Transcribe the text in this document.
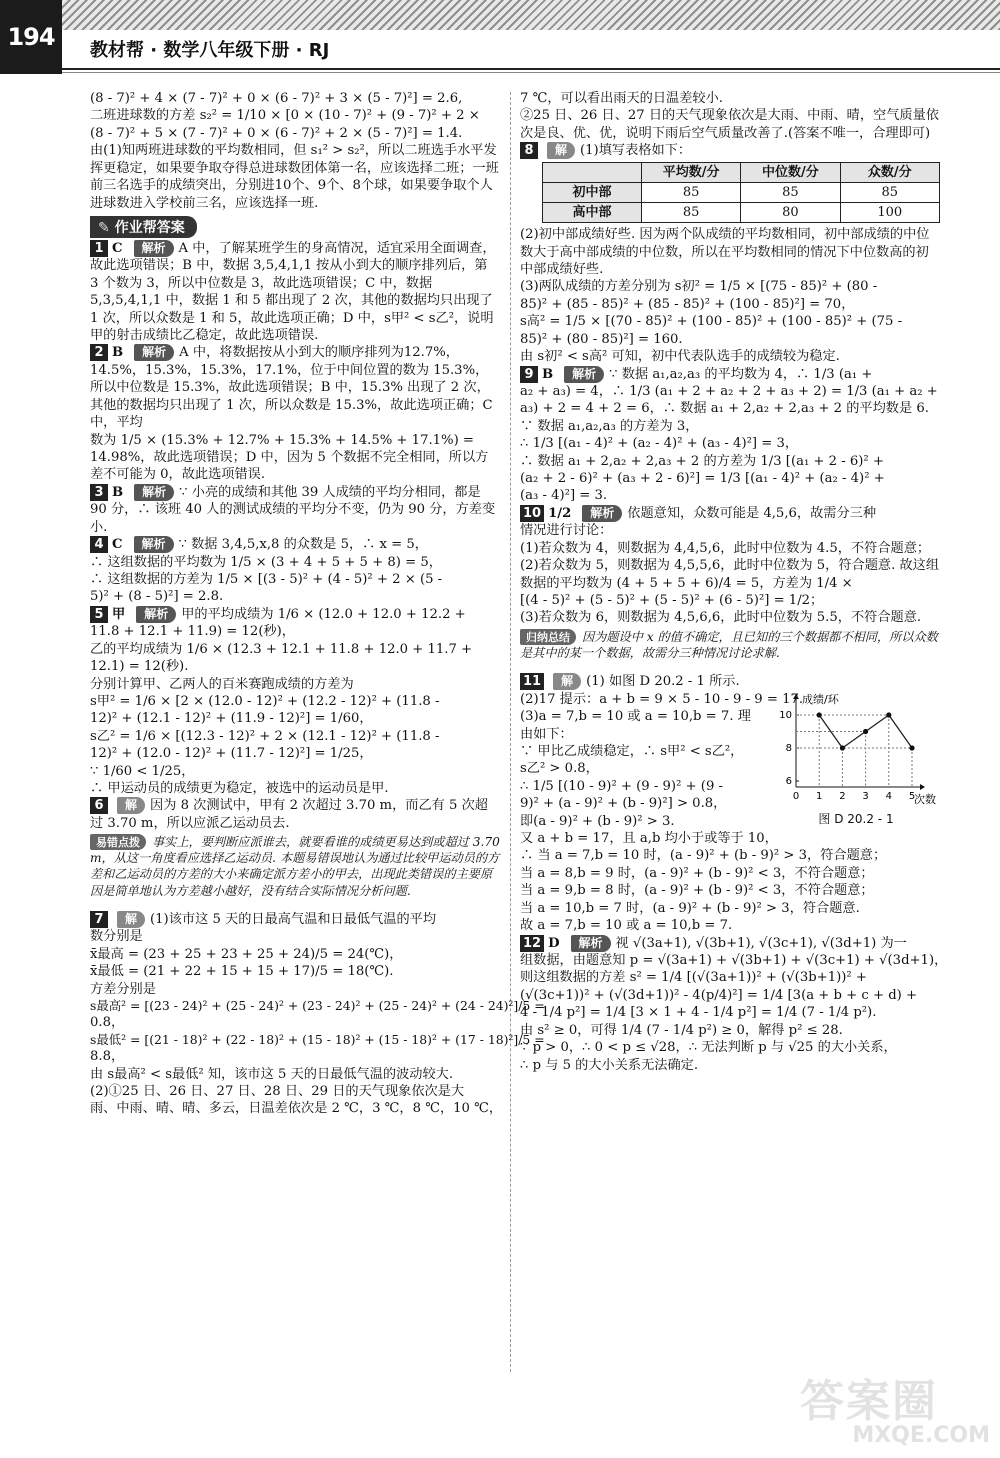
194	教材帮 · 数学八年级下册 · RJ

(8 - 7)² + 4 × (7 - 7)² + 0 × (6 - 7)² + 3 × (5 - 7)²] = 2.6,

二班进球数的方差 s₂² = 1/10 × [0 × (10 - 7)² + (9 - 7)² + 2 ×

(8 - 7)² + 5 × (7 - 7)² + 0 × (6 - 7)² + 2 × (5 - 7)²] = 1.4.

由(1)知两班进球数的平均数相同，但 s₁² > s₂²，所以二班选手水平发挥更稳定，如果要争取夺得总进球数团体第一名，应该选择二班；一班前三名选手的成绩突出，分别进10个、9个、8个球，如果要争取个人进球数进入学校前三名，应该选择一班.

✎ 作业帮答案

1 C 解析 A 中，了解某班学生的身高情况，适宜采用全面调查，故此选项错误；B 中，数据 3,5,4,1,1 按从小到大的顺序排列后，第 3 个数为 3，所以中位数是 3，故此选项错误；C 中，数据 5,3,5,4,1,1 中，数据 1 和 5 都出现了 2 次，其他的数据均只出现了 1 次，所以众数是 1 和 5，故此选项正确；D 中，s甲² < s乙²，说明甲的射击成绩比乙稳定，故此选项错误.

2 B 解析 A 中，将数据按从小到大的顺序排列为12.7%，14.5%，15.3%，15.3%，17.1%，位于中间位置的数为 15.3%，所以中位数是 15.3%，故此选项错误；B 中，15.3% 出现了 2 次，其他的数据均只出现了 1 次，所以众数是 15.3%，故此选项正确；C 中，平均

数为 1/5 × (15.3% + 12.7% + 15.3% + 14.5% + 17.1%) =

14.98%，故此选项错误；D 中，因为 5 个数据不完全相同，所以方差不可能为 0，故此选项错误.

3 B 解析 ∵ 小亮的成绩和其他 39 人成绩的平均分相同，都是 90 分，∴ 该班 40 人的测试成绩的平均分不变，仍为 90 分，方差变小.

4 C 解析 ∵ 数据 3,4,5,x,8 的众数是 5，∴ x = 5，

∴ 这组数据的平均数为 1/5 × (3 + 4 + 5 + 5 + 8) = 5，

∴ 这组数据的方差为 1/5 × [(3 - 5)² + (4 - 5)² + 2 × (5 -

5)² + (8 - 5)²] = 2.8.

5 甲 解析 甲的平均成绩为 1/6 × (12.0 + 12.0 + 12.2 +

11.8 + 12.1 + 11.9) = 12(秒)，

乙的平均成绩为 1/6 × (12.3 + 12.1 + 11.8 + 12.0 + 11.7 +

12.1) = 12(秒).

分别计算甲、乙两人的百米赛跑成绩的方差为

s甲² = 1/6 × [2 × (12.0 - 12)² + (12.2 - 12)² + (11.8 -

12)² + (12.1 - 12)² + (11.9 - 12)²] = 1/60，

s乙² = 1/6 × [(12.3 - 12)² + 2 × (12.1 - 12)² + (11.8 -

12)² + (12.0 - 12)² + (11.7 - 12)²] = 1/25，

∵ 1/60 < 1/25，

∴ 甲运动员的成绩更为稳定，被选中的运动员是甲.

6 解 因为 8 次测试中，甲有 2 次超过 3.70 m，而乙有 5 次超过 3.70 m，所以应派乙运动员去.

易错点拨 事实上，要判断应派谁去，就要看谁的成绩更易达到或超过 3.70 m，从这一角度看应选择乙运动员. 本题易错误地认为通过比较甲运动员的方差和乙运动员的方差的大小来确定派方差小的甲去，出现此类错误的主要原因是简单地认为方差越小越好，没有结合实际情况分析问题.

7 解 (1)该市这 5 天的日最高气温和日最低气温的平均

数分别是

x̄最高 = (23 + 25 + 23 + 25 + 24)/5 = 24(℃)，

x̄最低 = (21 + 22 + 15 + 15 + 17)/5 = 18(℃).

方差分别是

s最高² = [(23 - 24)² + (25 - 24)² + (23 - 24)² + (25 - 24)² + (24 - 24)²]/5 =

0.8，

s最低² = [(21 - 18)² + (22 - 18)² + (15 - 18)² + (15 - 18)² + (17 - 18)²]/5 =

8.8，

由 s最高² < s最低² 知，该市这 5 天的日最低气温的波动较大.

(2)①25 日、26 日、27 日、28 日、29 日的天气现象依次是大

雨、中雨、晴、晴、多云，日温差依次是 2 ℃，3 ℃，8 ℃，10 ℃，

7 ℃，可以看出雨天的日温差较小.

②25 日、26 日、27 日的天气现象依次是大雨、中雨、晴，空气质量依次是良、优、优，说明下雨后空气质量改善了.(答案不唯一，合理即可)

8 解 (1)填写表格如下：

	平均数/分	中位数/分	众数/分
初中部	85	85	85
高中部	85	80	100

(2)初中部成绩好些. 因为两个队成绩的平均数相同，初中部成绩的中位数大于高中部成绩的中位数，所以在平均数相同的情况下中位数高的初中部成绩好些.

(3)两队成绩的方差分别为 s初² = 1/5 × [(75 - 85)² + (80 -

85)² + (85 - 85)² + (85 - 85)² + (100 - 85)²] = 70，

s高² = 1/5 × [(70 - 85)² + (100 - 85)² + (100 - 85)² + (75 -

85)² + (80 - 85)²] = 160.

由 s初² < s高² 可知，初中代表队选手的成绩较为稳定.

9 B 解析 ∵ 数据 a₁,a₂,a₃ 的平均数为 4，∴ 1/3 (a₁ +

a₂ + a₃) = 4，∴ 1/3 (a₁ + 2 + a₂ + 2 + a₃ + 2) = 1/3 (a₁ + a₂ +

a₃) + 2 = 4 + 2 = 6，∴ 数据 a₁ + 2,a₂ + 2,a₃ + 2 的平均数是 6.

∵ 数据 a₁,a₂,a₃ 的方差为 3，

∴ 1/3 [(a₁ - 4)² + (a₂ - 4)² + (a₃ - 4)²] = 3，

∴ 数据 a₁ + 2,a₂ + 2,a₃ + 2 的方差为 1/3 [(a₁ + 2 - 6)² +

(a₂ + 2 - 6)² + (a₃ + 2 - 6)²] = 1/3 [(a₁ - 4)² + (a₂ - 4)² +

(a₃ - 4)²] = 3.

10 1/2 解析 依题意知，众数可能是 4,5,6，故需分三种

情况进行讨论：

(1)若众数为 4，则数据为 4,4,5,6，此时中位数为 4.5，不符合题意；

(2)若众数为 5，则数据为 4,5,5,6，此时中位数为 5，符合题意. 故这组数据的平均数为 (4 + 5 + 5 + 6)/4 = 5，方差为 1/4 ×

[(4 - 5)² + (5 - 5)² + (5 - 5)² + (6 - 5)²] = 1/2；

(3)若众数为 6，则数据为 4,5,6,6，此时中位数为 5.5，不符合题意.

归纳总结 因为题设中 x 的值不确定，且已知的三个数据都不相同，所以众数是其中的某一个数据，故需分三种情况讨论求解.

11 解 (1) 如图 D 20.2 - 1 所示.

0 1 2 3 4 5
6
8
10
成绩/环
次数
图 D 20.2 - 1

(2)17 提示：a + b = 9 × 5 - 10 - 9 - 9 = 17.

(3)a = 7,b = 10 或 a = 10,b = 7. 理

由如下：

∵ 甲比乙成绩稳定，∴ s甲² < s乙²，

s乙² > 0.8，

∴ 1/5 [(10 - 9)² + (9 - 9)² + (9 -

9)² + (a - 9)² + (b - 9)²] > 0.8，

即(a - 9)² + (b - 9)² > 3.

又 a + b = 17，且 a,b 均小于或等于 10，

∴ 当 a = 7,b = 10 时，(a - 9)² + (b - 9)² > 3，符合题意；

当 a = 8,b = 9 时，(a - 9)² + (b - 9)² < 3，不符合题意；

当 a = 9,b = 8 时，(a - 9)² + (b - 9)² < 3，不符合题意；

当 a = 10,b = 7 时，(a - 9)² + (b - 9)² > 3，符合题意.

故 a = 7,b = 10 或 a = 10,b = 7.

12 D 解析 视 √(3a+1), √(3b+1), √(3c+1), √(3d+1) 为一

组数据，由题意知 p = √(3a+1) + √(3b+1) + √(3c+1) + √(3d+1)，

则这组数据的方差 s² = 1/4 [(√(3a+1))² + (√(3b+1))² +

(√(3c+1))² + (√(3d+1))² - 4(p/4)²] = 1/4 [3(a + b + c + d) +

4 - 1/4 p²] = 1/4 [3 × 1 + 4 - 1/4 p²] = 1/4 (7 - 1/4 p²).

由 s² ≥ 0，可得 1/4 (7 - 1/4 p²) ≥ 0，解得 p² ≤ 28.

∵ p > 0，∴ 0 < p ≤ √28，∴ 无法判断 p 与 √25 的大小关系，

∴ p 与 5 的大小关系无法确定.

答案圈
MXQE.COM
